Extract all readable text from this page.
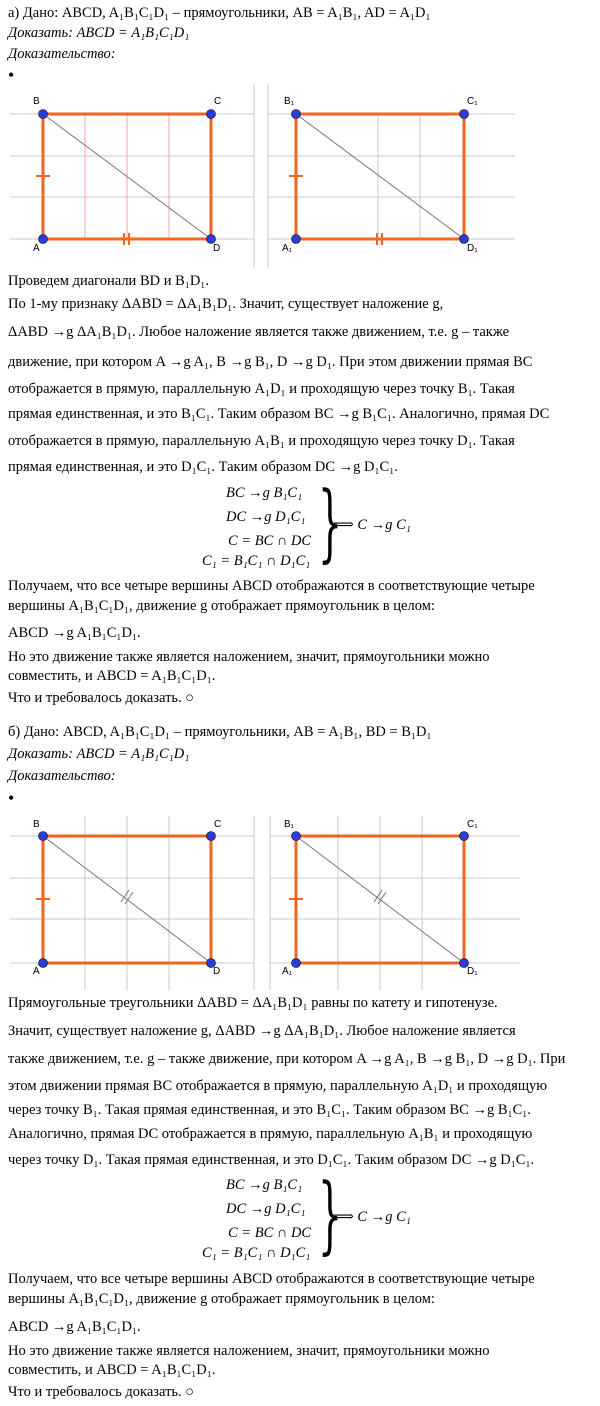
а) Дано: ABCD, A₁B₁C₁D₁ – прямоугольники, AB = A₁B₁, AD = A₁D₁
Доказать: ABCD = A₁B₁C₁D₁
Доказательство:
•
B	C
A	D
B₁	C₁
A₁	D₁
Проведем диагонали BD и B₁D₁.
По 1-му признаку ΔABD = ΔA₁B₁D₁. Значит, существует наложение g,
ΔABD →g ΔA₁B₁D₁. Любое наложение является также движением, т.е. g – также
движение, при котором A →g A₁, B →g B₁, D →g D₁. При этом движении прямая BC
отображается в прямую, параллельную A₁D₁ и проходящую через точку B₁. Такая
прямая единственная, и это B₁C₁. Таким образом BC →g B₁C₁. Аналогично, прямая DC
отображается в прямую, параллельную A₁B₁ и проходящую через точку D₁. Такая
прямая единственная, и это D₁C₁. Таким образом DC →g D₁C₁.
BC →g B₁C₁
DC →g D₁C₁
C = BC ∩ DC
C₁ = B₁C₁ ∩ D₁C₁ }
⟹ C →g C₁
Получаем, что все четыре вершины ABCD отображаются в соответствующие четыре
вершины A₁B₁C₁D₁, движение g отображает прямоугольник в целом:
ABCD →g A₁B₁C₁D₁.
Но это движение также является наложением, значит, прямоугольники можно
совместить, и ABCD = A₁B₁C₁D₁.
Что и требовалось доказать. ○
б) Дано: ABCD, A₁B₁C₁D₁ – прямоугольники, AB = A₁B₁, BD = B₁D₁
Доказать: ABCD = A₁B₁C₁D₁
Доказательство:
•
B	C
A	D
B₁	C₁
A₁	D₁
Прямоугольные треугольники ΔABD = ΔA₁B₁D₁ равны по катету и гипотенузе.
Значит, существует наложение g, ΔABD →g ΔA₁B₁D₁. Любое наложение является
также движением, т.е. g – также движение, при котором A →g A₁, B →g B₁, D →g D₁. При
этом движении прямая BC отображается в прямую, параллельную A₁D₁ и проходящую
через точку B₁. Такая прямая единственная, и это B₁C₁. Таким образом BC →g B₁C₁.
Аналогично, прямая DC отображается в прямую, параллельную A₁B₁ и проходящую
через точку D₁. Такая прямая единственная, и это D₁C₁. Таким образом DC →g D₁C₁.
BC →g B₁C₁
DC →g D₁C₁
C = BC ∩ DC
C₁ = B₁C₁ ∩ D₁C₁ }
⟹ C →g C₁
Получаем, что все четыре вершины ABCD отображаются в соответствующие четыре
вершины A₁B₁C₁D₁, движение g отображает прямоугольник в целом:
ABCD →g A₁B₁C₁D₁.
Но это движение также является наложением, значит, прямоугольники можно
совместить, и ABCD = A₁B₁C₁D₁.
Что и требовалось доказать. ○
